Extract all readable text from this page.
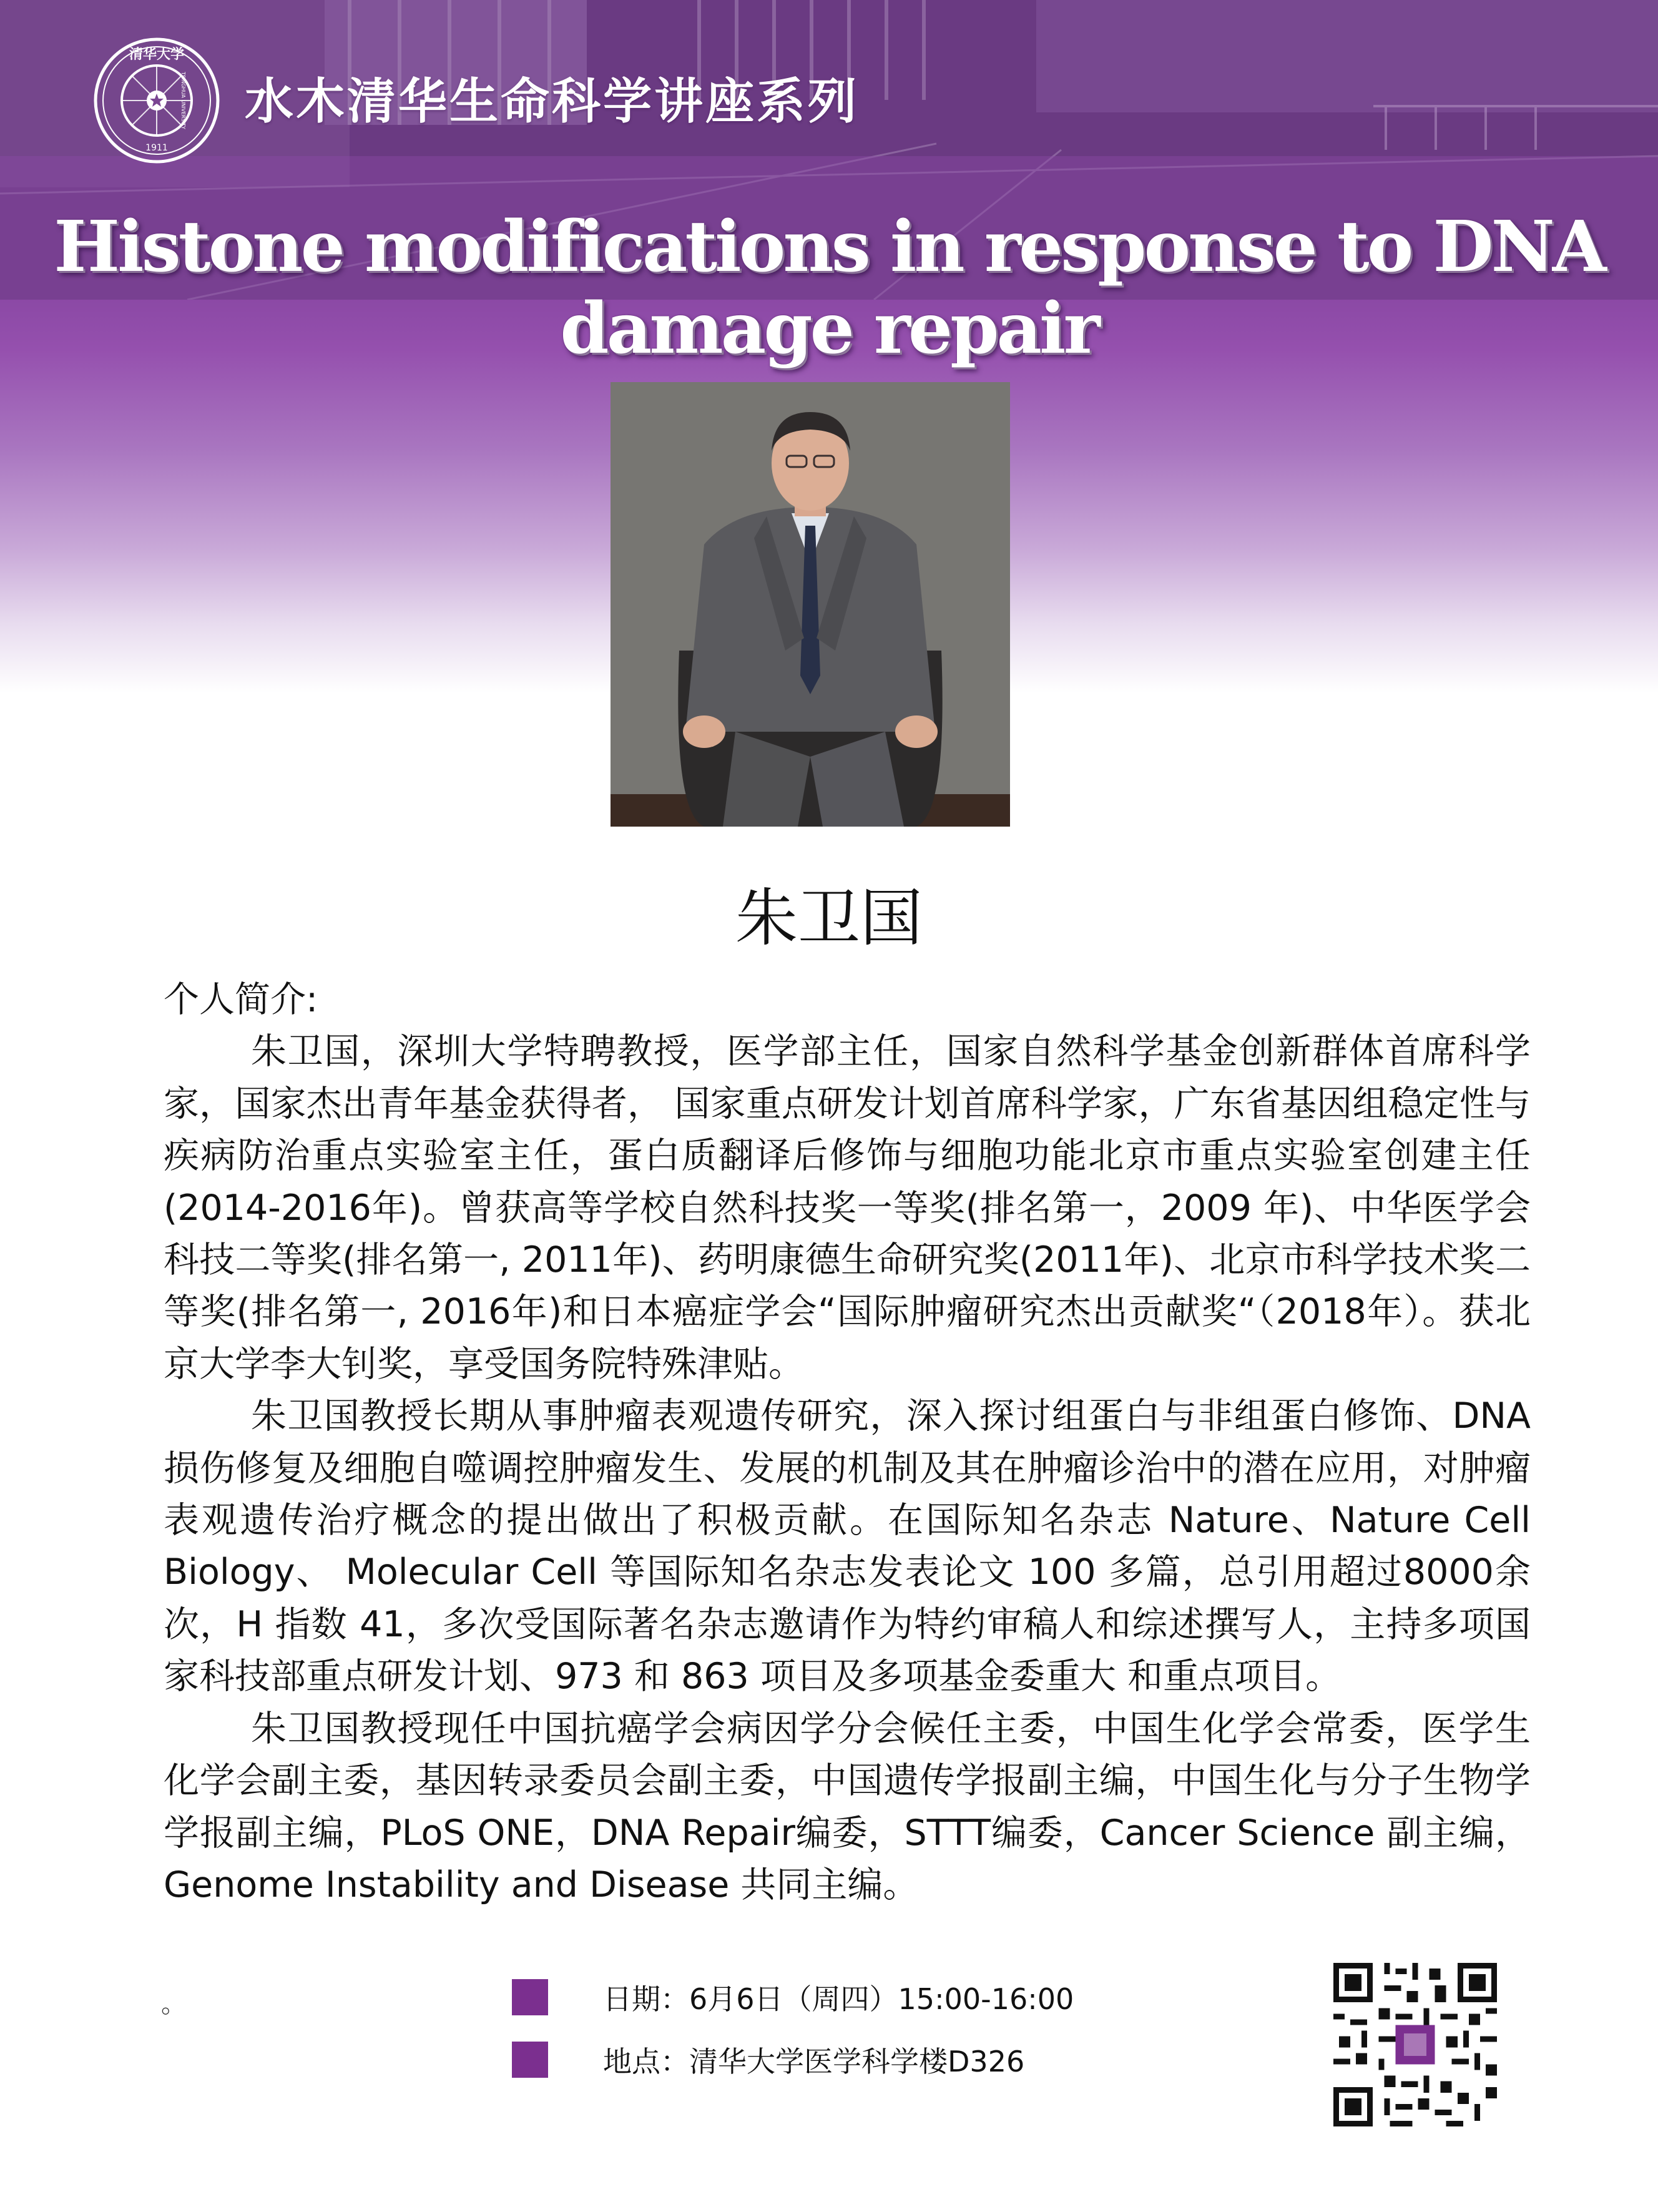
清华大学
1911
TSINGHUA UNIVERSITY 水木清华生命科学讲座系列
Histone modifications in response to DNA damage repair
朱卫国
个人简介:

朱卫国，深圳大学特聘教授，医学部主任，国家自然科学基金创新群体首席科学家，国家杰出青年基金获得者， 国家重点研发计划首席科学家，广东省基因组稳定性与疾病防治重点实验室主任，蛋白质翻译后修饰与细胞功能北京市重点实验室创建主任(2014-2016年)。曾获高等学校自然科技奖一等奖(排名第一，2009 年)、中华医学会科技二等奖(排名第一, 2011年)、药明康德生命研究奖(2011年)、北京市科学技术奖二等奖(排名第一, 2016年)和日本癌症学会“国际肿瘤研究杰出贡献奖“（2018年）。获北京大学李大钊奖，享受国务院特殊津贴。

朱卫国教授长期从事肿瘤表观遗传研究，深入探讨组蛋白与非组蛋白修饰、DNA 损伤修复及细胞自噬调控肿瘤发生、发展的机制及其在肿瘤诊治中的潜在应用，对肿瘤表观遗传治疗概念的提出做出了积极贡献。在国际知名杂志 Nature、Nature Cell Biology、 Molecular Cell 等国际知名杂志发表论文 100 多篇，总引用超过8000余次，H 指数 41，多次受国际著名杂志邀请作为特约审稿人和综述撰写人，主持多项国家科技部重点研发计划、973 和 863 项目及多项基金委重大 和重点项目。

朱卫国教授现任中国抗癌学会病因学分会候任主委，中国生化学会常委，医学生化学会副主委，基因转录委员会副主委，中国遗传学报副主编，中国生化与分子生物学学报副主编，PLoS ONE，DNA Repair编委，STTT编委，Cancer Science 副主编，Genome Instability and Disease 共同主编。

。	日期：6月6日（周四）15:00-16:00
地点：清华大学医学科学楼D326
